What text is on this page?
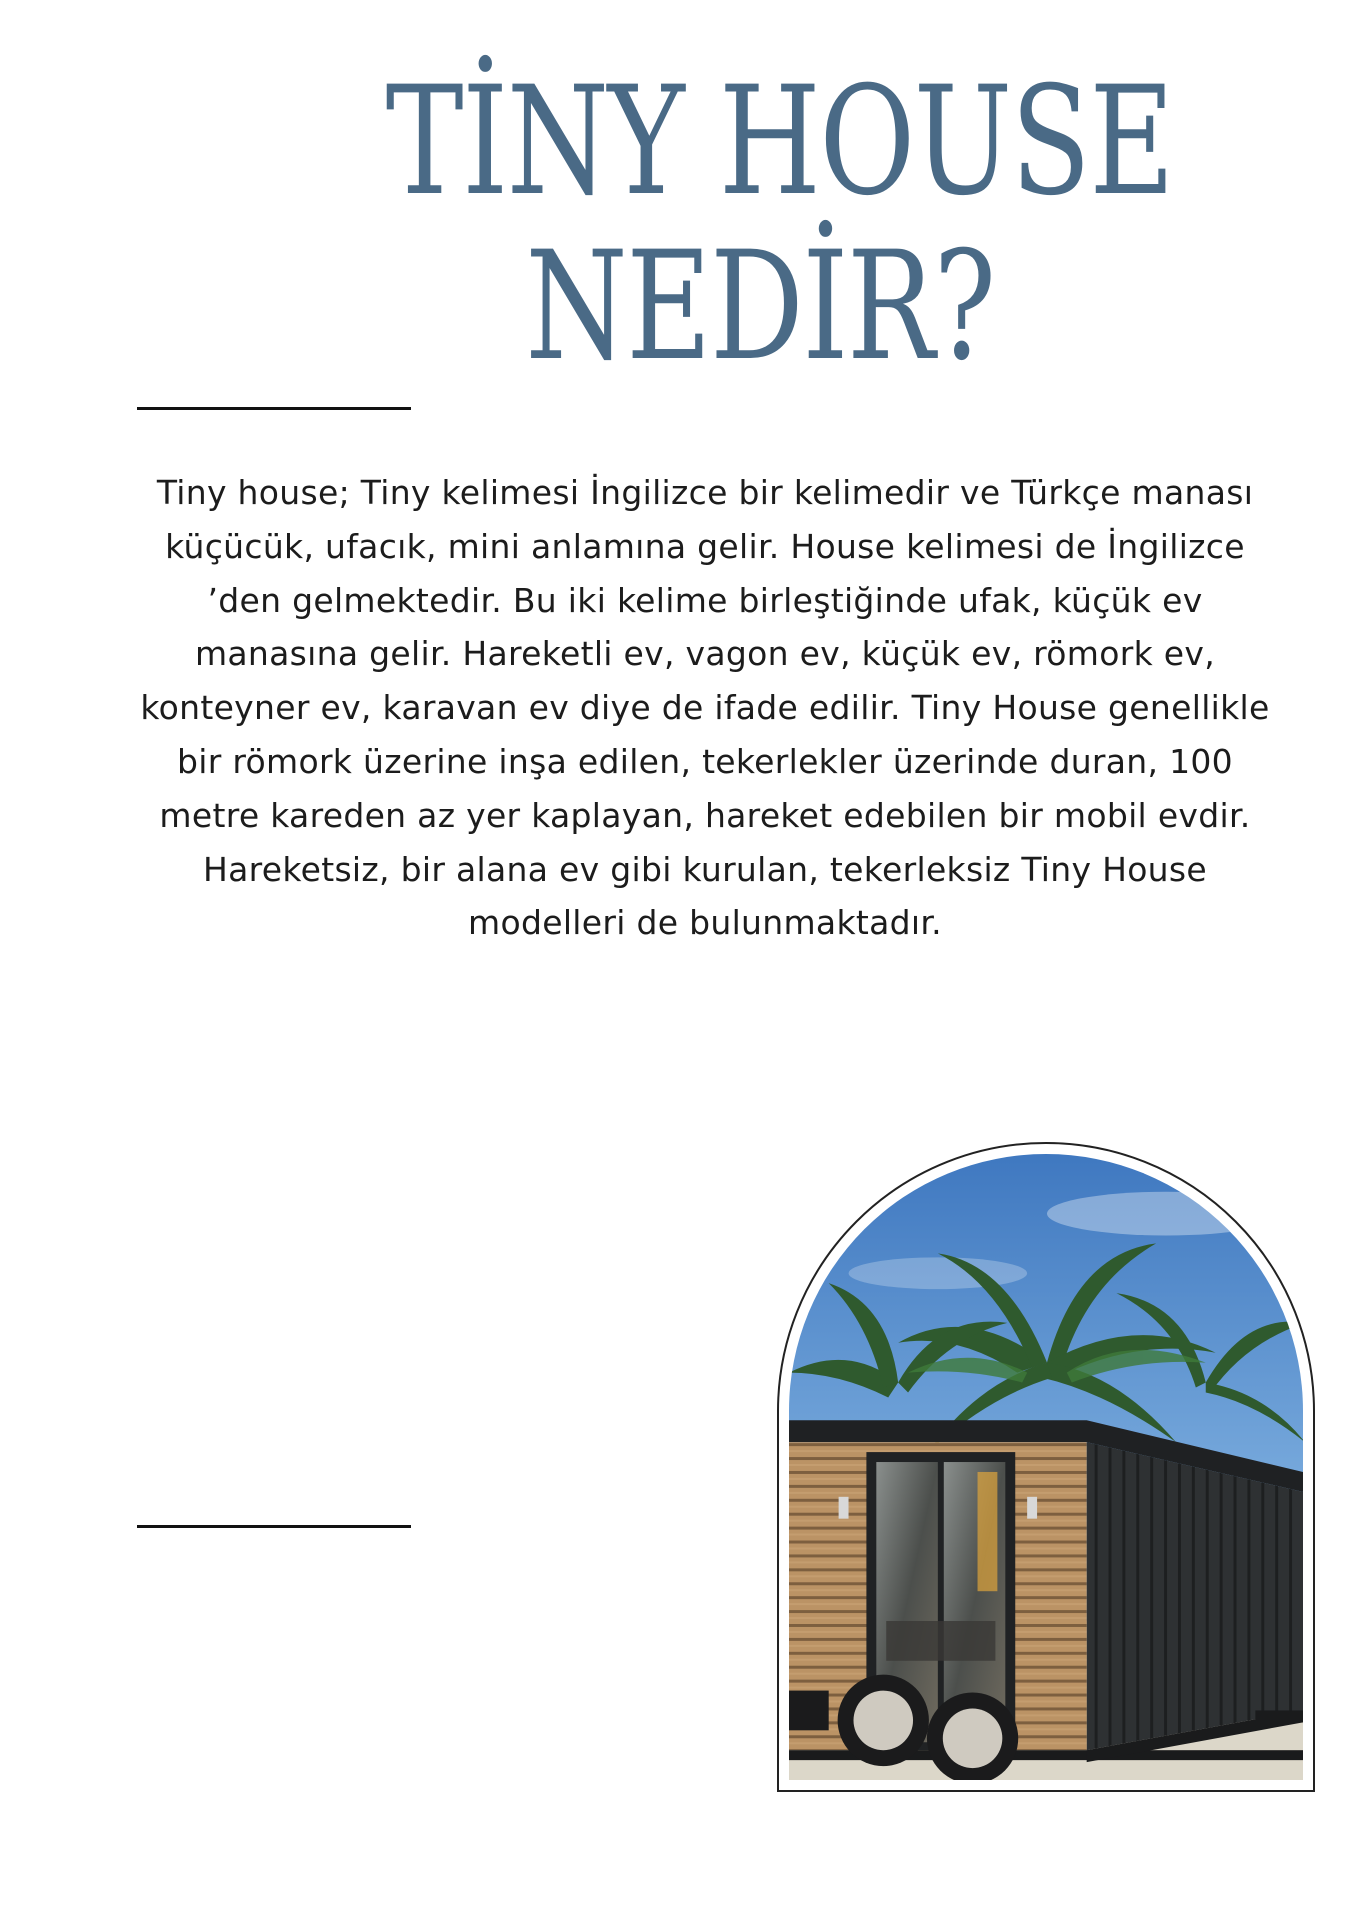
TİNY HOUSE
NEDİR?

Tiny house; Tiny kelimesi İngilizce bir kelimedir ve Türkçe manası küçücük, ufacık, mini anlamına gelir. House kelimesi de İngilizce ’den gelmektedir. Bu iki kelime birleştiğinde ufak, küçük ev manasına gelir. Hareketli ev, vagon ev, küçük ev, römork ev, konteyner ev, karavan ev diye de ifade edilir. Tiny House genellikle bir römork üzerine inşa edilen, tekerlekler üzerinde duran, 100 metre kareden az yer kaplayan, hareket edebilen bir mobil evdir. Hareketsiz, bir alana ev gibi kurulan, tekerleksiz Tiny House modelleri de bulunmaktadır.
